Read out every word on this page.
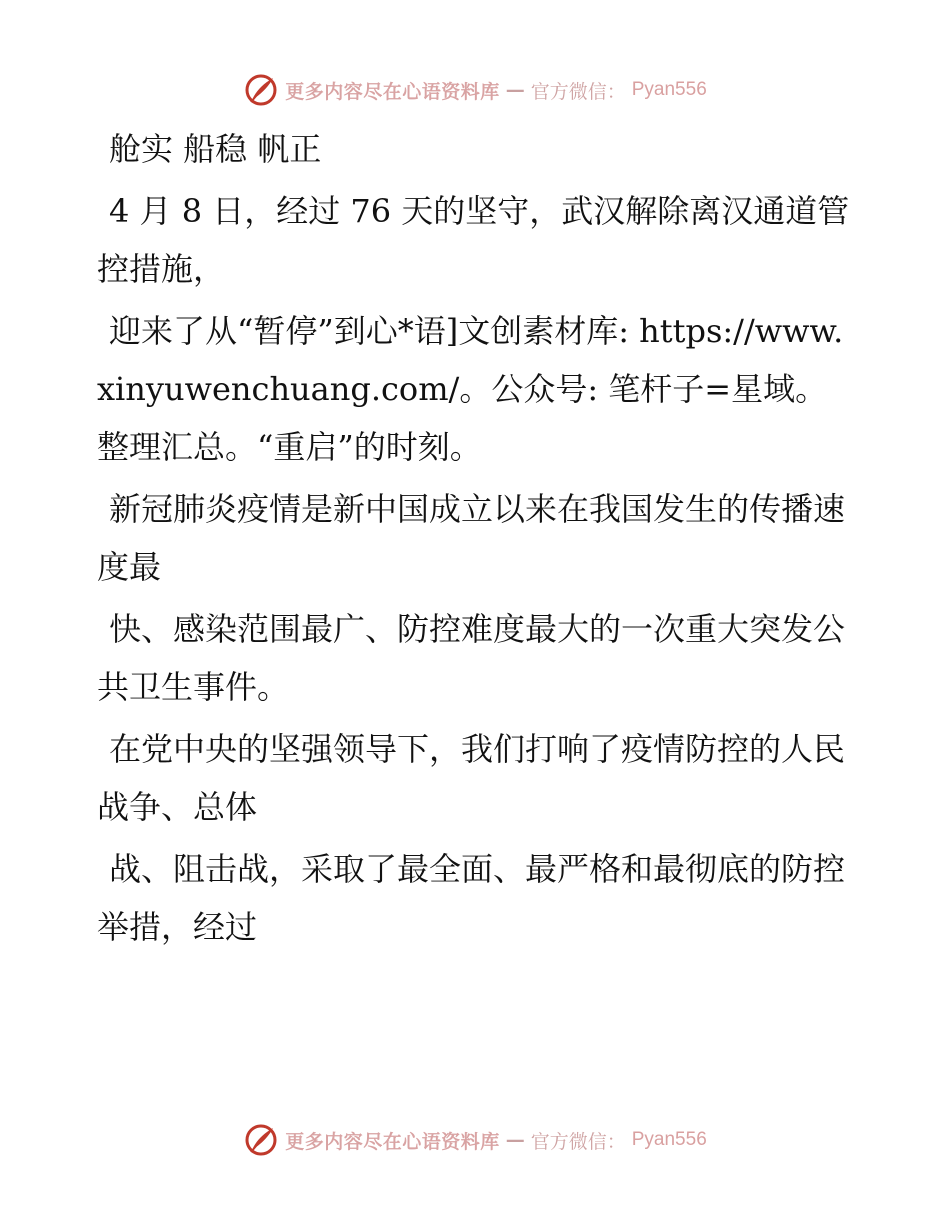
更多内容尽在心语资料库 — 官方微信： Pyan556

舱实 船稳 帆正

4 月 8 日，经过 76 天的坚守，武汉解除离汉通道管控措施，

迎来了从“暂停”到心*语]文创素材库: https://www.xinyuwenchuang.com/。公众号: 笔杆子=星域。整理汇总。“重启”的时刻。

新冠肺炎疫情是新中国成立以来在我国发生的传播速度最

快、感染范围最广、防控难度最大的一次重大突发公共卫生事件。

在党中央的坚强领导下，我们打响了疫情防控的人民战争、总体

战、阻击战，采取了最全面、最严格和最彻底的防控举措，经过

更多内容尽在心语资料库 — 官方微信： Pyan556
